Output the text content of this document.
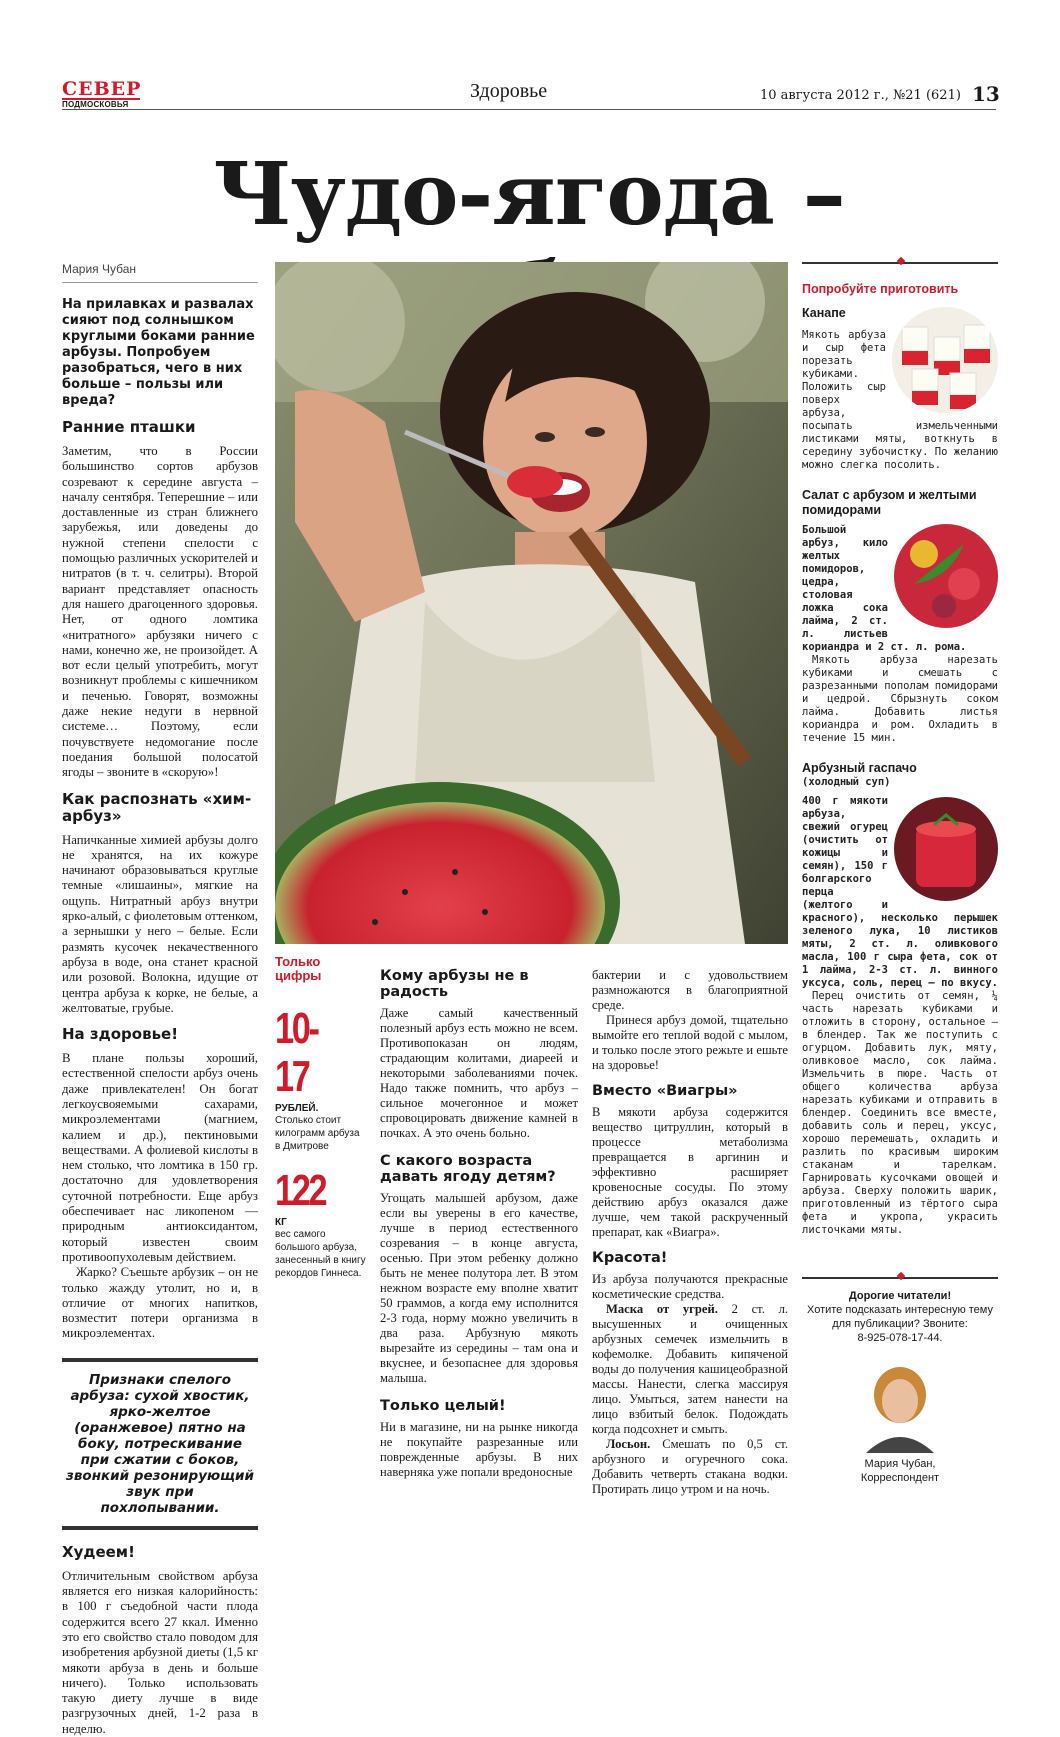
СЕВЕР
ПОДМОСКОВЬЯ
Здоровье	10 августа 2012 г., №21 (621) 13
Чудо-ягода –
Мария Чубан
На прилавках и развалах сияют под солнышком круглыми боками ранние арбузы. Попробуем разобраться, чего в них больше – пользы или вреда?
Ранние пташки
Заметим, что в России большинство сортов арбузов созревают к середине августа – началу сентября. Теперешние – или доставленные из стран ближнего зарубежья, или доведены до нужной степени спелости с помощью различных ускорителей и нитратов (в т. ч. селитры). Второй вариант представляет опасность для нашего драгоценного здоровья. Нет, от одного ломтика «нитратного» арбузяки ничего с нами, конечно же, не произойдет. А вот если целый употребить, могут возникнут проблемы с кишечником и печенью. Говорят, возможны даже некие недуги в нервной системе… Поэтому, если почувствуете недомогание после поедания большой полосатой ягоды – звоните в «скорую»!
Как распознать «хим-арбуз»
Напичканные химией арбузы долго не хранятся, на их кожуре начинают образовываться круглые темные «лишаины», мягкие на ощупь. Нитратный арбуз внутри ярко-алый, с фиолетовым оттенком, а зернышки у него – белые. Если размять кусочек некачественного арбуза в воде, она станет красной или розовой. Волокна, идущие от центра арбуза к корке, не белые, а желтоватые, грубые.
На здоровье!
В плане пользы хороший, естественной спелости арбуз очень даже привлекателен! Он богат легкоусвояемыми сахарами, микроэлементами (магнием, калием и др.), пектиновыми веществами. А фолиевой кислоты в нем столько, что ломтика в 150 гр. достаточно для удовлетворения суточной потребности. Еще арбуз обеспечивает нас ликопеном — природным антиоксидантом, который известен своим противоопухолевым действием.
Жарко? Съешьте арбузик – он не только жажду утолит, но и, в отличие от многих напитков, возместит потери организма в микроэлементах.
Признаки спелого арбуза: сухой хвостик, ярко-желтое (оранжевое) пятно на боку, потрескивание при сжатии с боков, звонкий резонирующий звук при похлопывании.
Худеем!
Отличительным свойством арбуза является его низкая калорийность: в 100 г съедобной части плода содержится всего 27 ккал. Именно это его свойство стало поводом для изобретения арбузной диеты (1,5 кг мякоти арбуза в день и больше ничего). Только использовать такую диету лучше в виде разгрузочных дней, 1-2 раза в неделю.
Только цифры
10-17
РУБЛЕЙ.
Столько стоит килограмм арбуза в Дмитрове
122
КГ
вес самого большого арбуза, занесенный в книгу рекордов Гиннеса.
Кому арбузы не в радость
Даже самый качественный полезный арбуз есть можно не всем. Противопоказан он людям, страдающим колитами, диареей и некоторыми заболеваниями почек. Надо также помнить, что арбуз – сильное мочегонное и может спровоцировать движение камней в почках. А это очень больно.
С какого возраста давать ягоду детям?
Угощать малышей арбузом, даже если вы уверены в его качестве, лучше в период естественного созревания – в конце августа, осенью. При этом ребенку должно быть не менее полутора лет. В этом нежном возрасте ему вполне хватит 50 граммов, а когда ему исполнится 2-3 года, норму можно увеличить в два раза. Арбузную мякоть вырезайте из середины – там она и вкуснее, и безопаснее для здоровья малыша.
Только целый!
Ни в магазине, ни на рынке никогда не покупайте разрезанные или поврежденные арбузы. В них наверняка уже попали вредоносные
бактерии и с удовольствием размножаются в благоприятной среде.
Принеся арбуз домой, тщательно вымойте его теплой водой с мылом, и только после этого режьте и ешьте на здоровье!
Вместо «Виагры»
В мякоти арбуза содержится вещество цитруллин, который в процессе метаболизма превращается в аргинин и эффективно расширяет кровеносные сосуды. По этому действию арбуз оказался даже лучше, чем такой раскрученный препарат, как «Виагра».
Красота!
Из арбуза получаются прекрасные косметические средства.
Маска от угрей. 2 ст. л. высушенных и очищенных арбузных семечек измельчить в кофемолке. Добавить кипяченой воды до получения кашицеобразной массы. Нанести, слегка массируя лицо. Умыться, затем нанести на лицо взбитый белок. Подождать когда подсохнет и смыть.
Лосьон. Смешать по 0,5 ст. арбузного и огуречного сока. Добавить четверть стакана водки. Протирать лицо утром и на ночь.
Попробуйте приготовить
Канапе
Мякоть арбуза и сыр фета порезать кубиками. Положить сыр поверх арбуза, посыпать измельченными листиками мяты, воткнуть в середину зубочистку. По желанию можно слегка посолить.
Салат с арбузом и желтыми помидорами
Большой арбуз, кило желтых помидоров, цедра, столовая ложка сока лайма, 2 ст. л. листьев кориандра и 2 ст. л. рома.
Мякоть арбуза нарезать кубиками и смешать с разрезанными пополам помидорами и цедрой. Сбрызнуть соком лайма. Добавить листья кориандра и ром. Охладить в течение 15 мин.
Арбузный гаспачо
(холодный суп)
400 г мякоти арбуза, свежий огурец (очистить от кожицы и семян), 150 г болгарского перца (желтого и красного), несколько перышек зеленого лука, 10 листиков мяты, 2 ст. л. оливкового масла, 100 г сыра фета, сок от 1 лайма, 2-3 ст. л. винного уксуса, соль, перец – по вкусу.
Перец очистить от семян, ¼ часть нарезать кубиками и отложить в сторону, остальное – в блендер. Так же поступить с огурцом. Добавить лук, мяту, оливковое масло, сок лайма. Измельчить в пюре. Часть от общего количества арбуза нарезать кубиками и отправить в блендер. Соединить все вместе, добавить соль и перец, уксус, хорошо перемешать, охладить и разлить по красивым широким стаканам и тарелкам. Гарнировать кусочками овощей и арбуза. Сверху положить шарик, приготовленный из тёртого сыра фета и укропа, украсить листочками мяты.
Дорогие читатели!
Хотите подсказать интересную тему для публикации? Звоните:
8-925-078-17-44.
Мария Чубан,
Корреспондент
